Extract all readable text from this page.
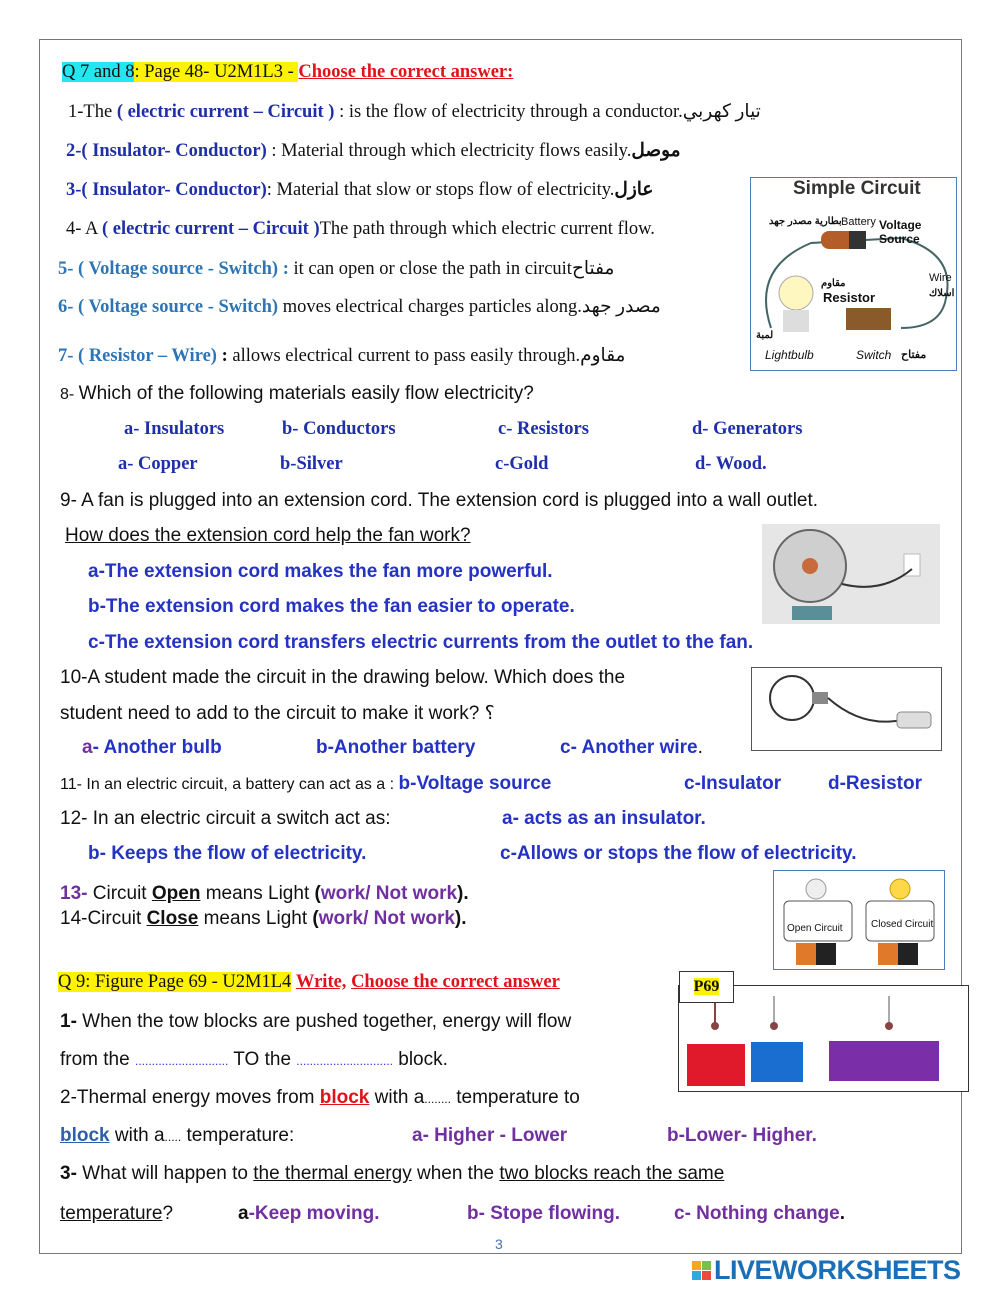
Q 7 and 8: Page 48- U2M1L3 - Choose the correct answer:
1-The ( electric current – Circuit ) : is the flow of electricity through a conductor.تيار كهربي
2-( Insulator- Conductor) : Material through which electricity flows easily.موصل
3-( Insulator- Conductor): Material that slow or stops flow of electricity.عازل
4- A ( electric current – Circuit )The path through which electric current flow.
5- ( Voltage source - Switch) : it can open or close the path in circuitمفتاح
6- ( Voltage source - Switch) moves electrical charges particles along.مصدر جهد
7- ( Resistor – Wire) : allows electrical current to pass easily through.مقاوم
Simple Circuit
Battery
بطارية مصدر جهد	Voltage Source
Wire
اسلاك
مقاوم
Resistor
لمبة
Lightbulb	Switch مفتاح
8- Which of the following materials easily flow electricity?
a- Insulators	b- Conductors	c- Resistors	d- Generators
a- Copper	b-Silver	c-Gold	d- Wood.
9- A fan is plugged into an extension cord. The extension cord is plugged into a wall outlet.
How does the extension cord help the fan work?
a-The extension cord makes the fan more powerful.
b-The extension cord makes the fan easier to operate.
c-The extension cord transfers electric currents from the outlet to the fan.
10-A student made the circuit in the drawing below. Which does the
student need to add to the circuit to make it work? ؟
a- Another bulb	b-Another battery	c- Another wire.
11- In an electric circuit, a battery can act as a : b-Voltage source	c-Insulator d-Resistor
12- In an electric circuit a switch act as:	a- acts as an insulator.
b- Keeps the flow of electricity.	c-Allows or stops the flow of electricity.
13- Circuit Open means Light (work/ Not work).
14-Circuit Close means Light (work/ Not work).	Open Circuit	Closed Circuit
Q 9: Figure Page 69 - U2M1L4 Write, Choose the correct answer	P69
1- When the tow blocks are pushed together, energy will flow
from the ............................ TO the ............................. block.
2-Thermal energy moves from block with a........ temperature to
block with a..... temperature:	a- Higher - Lower	b-Lower- Higher.
3- What will happen to the thermal energy when the two blocks reach the same
temperature?	a-Keep moving.	b- Stope flowing.	c- Nothing change.
3
LIVEWORKSHEETS
